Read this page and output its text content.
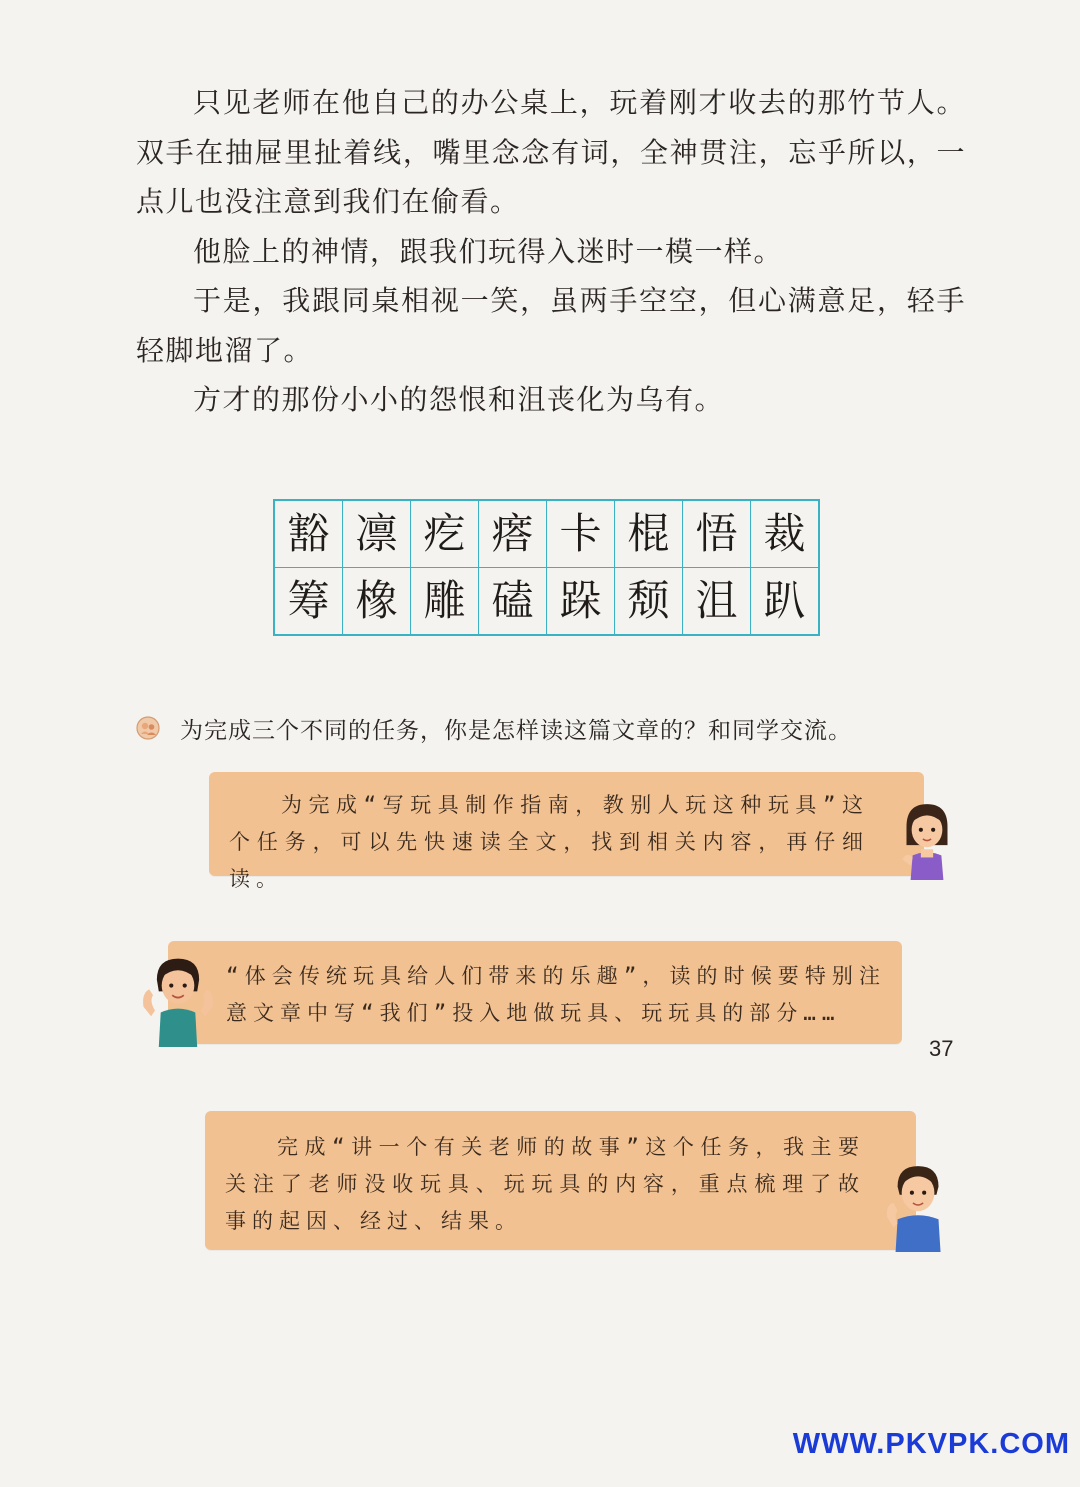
只见老师在他自己的办公桌上，玩着刚才收去的那竹节人。双手在抽屉里扯着线，嘴里念念有词，全神贯注，忘乎所以，一点儿也没注意到我们在偷看。

他脸上的神情，跟我们玩得入迷时一模一样。

于是，我跟同桌相视一笑，虽两手空空，但心满意足，轻手轻脚地溜了。

方才的那份小小的怨恨和沮丧化为乌有。

豁	凛	疙	瘩	卡	棍	悟	裁
筹	橡	雕	磕	跺	颓	沮	趴
为完成三个不同的任务，你是怎样读这篇文章的？和同学交流。

为完成“写玩具制作指南，教别人玩这种玩具”这个任务，可以先快速读全文，找到相关内容，再仔细读。

“体会传统玩具给人们带来的乐趣”，读的时候要特别注意文章中写“我们”投入地做玩具、玩玩具的部分……

完成“讲一个有关老师的故事”这个任务，我主要关注了老师没收玩具、玩玩具的内容，重点梳理了故事的起因、经过、结果。

37
WWW.PKVPK.COM
